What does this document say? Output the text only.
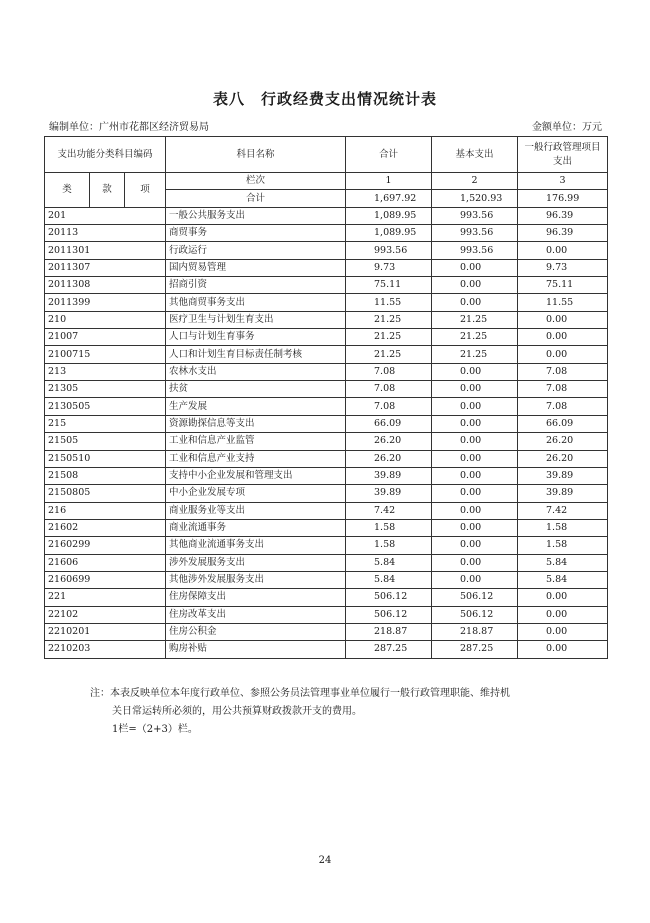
表八　行政经费支出情况统计表
编制单位：广州市花都区经济贸易局	金额单位：万元
支出功能分类科目编码			科目名称	合计	基本支出	一般行政管理项目支出
类	款	项	栏次	1	2	3
			合计	1,697.92	1,520.93	176.99
201			一般公共服务支出	1,089.95	993.56	96.39
20113			商贸事务	1,089.95	993.56	96.39
2011301			行政运行	993.56	993.56	0.00
2011307			国内贸易管理	9.73	0.00	9.73
2011308			招商引资	75.11	0.00	75.11
2011399			其他商贸事务支出	11.55	0.00	11.55
210			医疗卫生与计划生育支出	21.25	21.25	0.00
21007			人口与计划生育事务	21.25	21.25	0.00
2100715			人口和计划生育目标责任制考核	21.25	21.25	0.00
213			农林水支出	7.08	0.00	7.08
21305			扶贫	7.08	0.00	7.08
2130505			生产发展	7.08	0.00	7.08
215			资源勘探信息等支出	66.09	0.00	66.09
21505			工业和信息产业监管	26.20	0.00	26.20
2150510			工业和信息产业支持	26.20	0.00	26.20
21508			支持中小企业发展和管理支出	39.89	0.00	39.89
2150805			中小企业发展专项	39.89	0.00	39.89
216			商业服务业等支出	7.42	0.00	7.42
21602			商业流通事务	1.58	0.00	1.58
2160299			其他商业流通事务支出	1.58	0.00	1.58
21606			涉外发展服务支出	5.84	0.00	5.84
2160699			其他涉外发展服务支出	5.84	0.00	5.84
221			住房保障支出	506.12	506.12	0.00
22102			住房改革支出	506.12	506.12	0.00
2210201			住房公积金	218.87	218.87	0.00
2210203			购房补贴	287.25	287.25	0.00
注：本表反映单位本年度行政单位、参照公务员法管理事业单位履行一般行政管理职能、维持机
关日常运转所必须的，用公共预算财政拨款开支的费用。
1栏=（2+3）栏。
24
